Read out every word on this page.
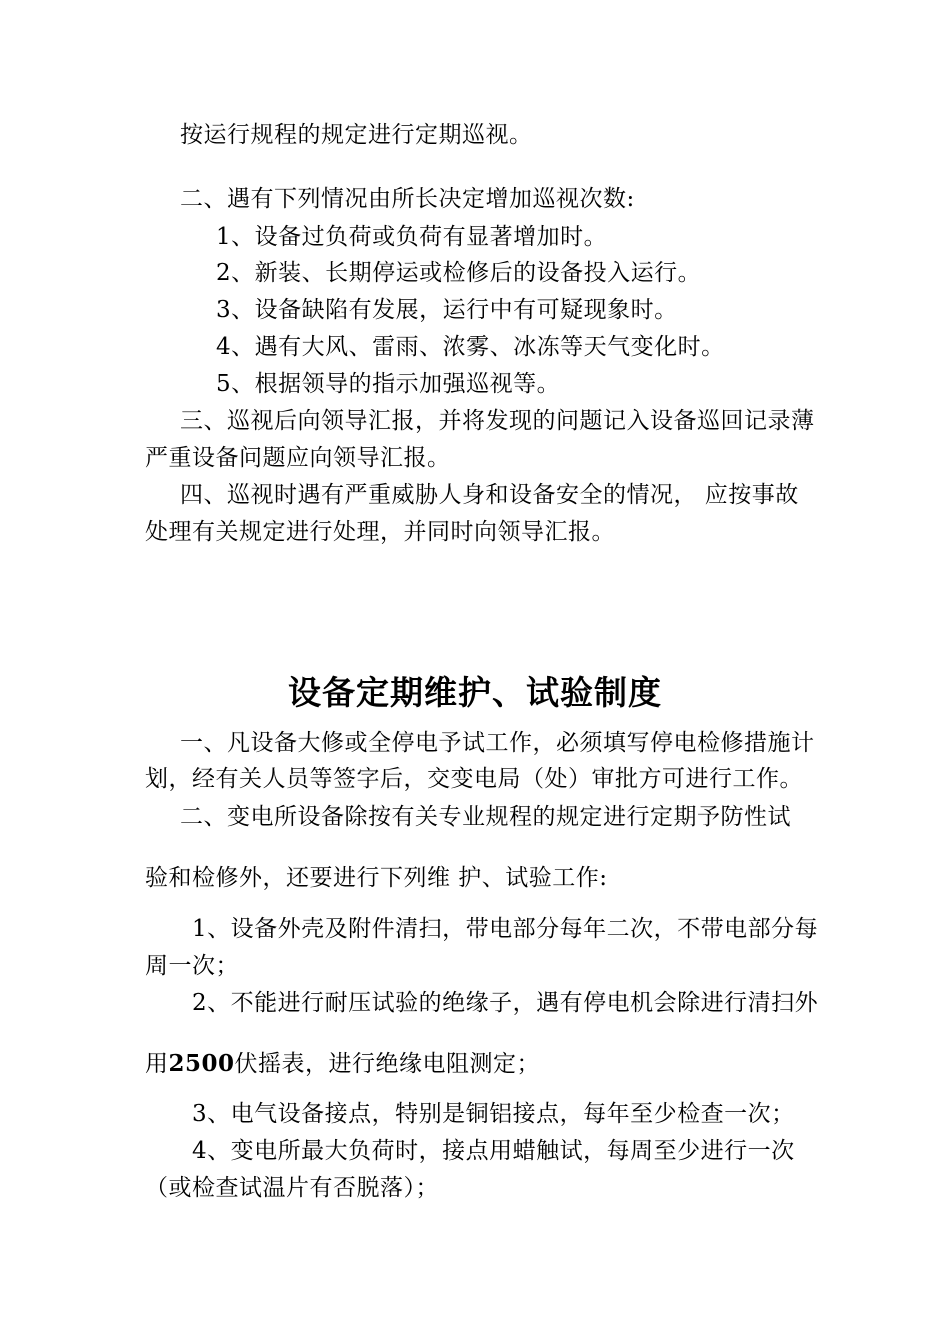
按运行规程的规定进行定期巡视。
二、遇有下列情况由所长决定增加巡视次数:
1、设备过负荷或负荷有显著增加时。
2、新装、长期停运或检修后的设备投入运行。
3、设备缺陷有发展，运行中有可疑现象时。
4、遇有大风、雷雨、浓雾、冰冻等天气变化时。
5、根据领导的指示加强巡视等。
三、巡视后向领导汇报，并将发现的问题记入设备巡回记录薄
严重设备问题应向领导汇报。
四、巡视时遇有严重威胁人身和设备安全的情况， 应按事故
处理有关规定进行处理，并同时向领导汇报。
设备定期维护、试验制度
一、凡设备大修或全停电予试工作，必须填写停电检修措施计
划，经有关人员等签字后，交变电局（处）审批方可进行工作。
二、变电所设备除按有关专业规程的规定进行定期予防性试
验和检修外，还要进行下列维 护、试验工作:
1、设备外壳及附件清扫，带电部分每年二次，不带电部分每
周一次；
2、不能进行耐压试验的绝缘子，遇有停电机会除进行清扫外
用2500伏摇表，进行绝缘电阻测定；
3、电气设备接点，特别是铜铝接点，每年至少检查一次；
4、变电所最大负荷时，接点用蜡触试，每周至少进行一次
（或检查试温片有否脱落）；
